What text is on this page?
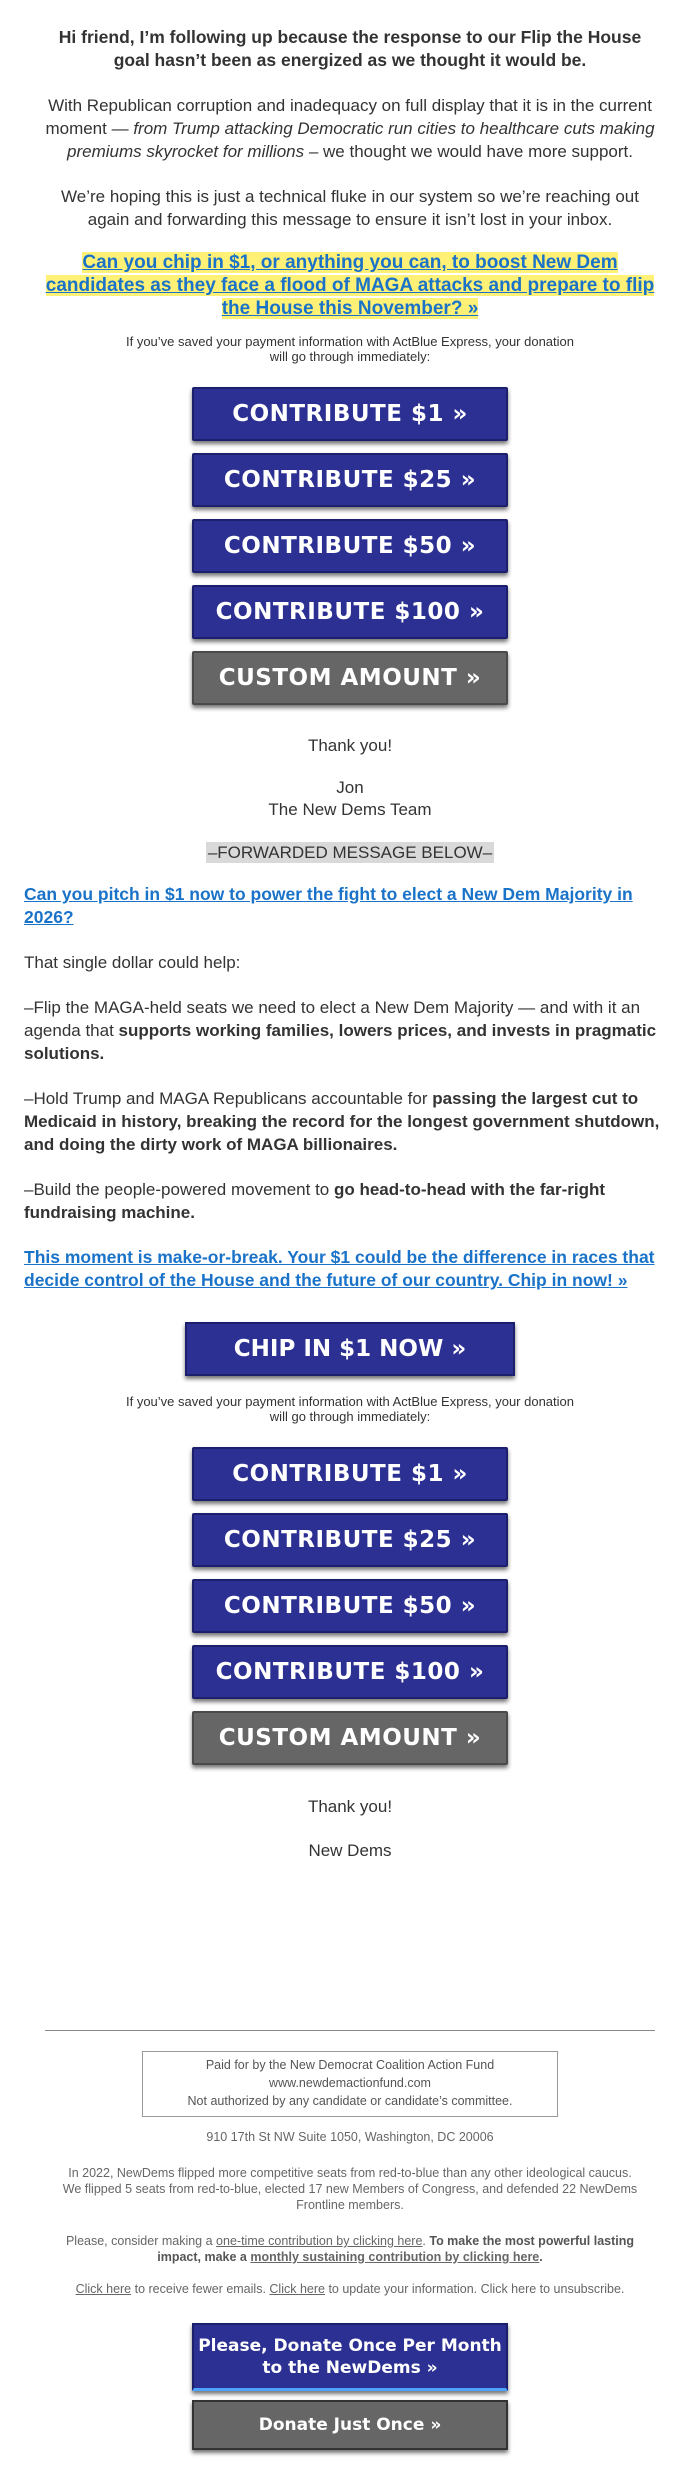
Hi friend, I’m following up because the response to our Flip the House goal hasn’t been as energized as we thought it would be.

With Republican corruption and inadequacy on full display that it is in the current moment — from Trump attacking Democratic run cities to healthcare cuts making premiums skyrocket for millions – we thought we would have more support.

We’re hoping this is just a technical fluke in our system so we’re reaching out again and forwarding this message to ensure it isn’t lost in your inbox.

Can you chip in $1, or anything you can, to boost New Dem candidates as they face a flood of MAGA attacks and prepare to flip the House this November? »
If you’ve saved your payment information with ActBlue Express, your donation will go through immediately:
CONTRIBUTE $1 »
CONTRIBUTE $25 »
CONTRIBUTE $50 »
CONTRIBUTE $100 »
CUSTOM AMOUNT »
Thank you!
Jon
The New Dems Team
–FORWARDED MESSAGE BELOW–
Can you pitch in $1 now to power the fight to elect a New Dem Majority in 2026?

That single dollar could help:

–Flip the MAGA-held seats we need to elect a New Dem Majority — and with it an agenda that supports working families, lowers prices, and invests in pragmatic solutions.

–Hold Trump and MAGA Republicans accountable for passing the largest cut to Medicaid in history, breaking the record for the longest government shutdown, and doing the dirty work of MAGA billionaires.

–Build the people-powered movement to go head-to-head with the far-right fundraising machine.

This moment is make-or-break. Your $1 could be the difference in races that decide control of the House and the future of our country. Chip in now! »
CHIP IN $1 NOW »
If you’ve saved your payment information with ActBlue Express, your donation will go through immediately:
CONTRIBUTE $1 »
CONTRIBUTE $25 »
CONTRIBUTE $50 »
CONTRIBUTE $100 »
CUSTOM AMOUNT »
Thank you!
New Dems
Paid for by the New Democrat Coalition Action Fund
www.newdemactionfund.com
Not authorized by any candidate or candidate’s committee.
910 17th St NW Suite 1050, Washington, DC 20006
In 2022, NewDems flipped more competitive seats from red-to-blue than any other ideological caucus. We flipped 5 seats from red-to-blue, elected 17 new Members of Congress, and defended 22 NewDems Frontline members.
Please, consider making a one-time contribution by clicking here. To make the most powerful lasting impact, make a monthly sustaining contribution by clicking here.
Click here to receive fewer emails. Click here to update your information. Click here to unsubscribe.
Please, Donate Once Per Month to the NewDems »
Donate Just Once »
